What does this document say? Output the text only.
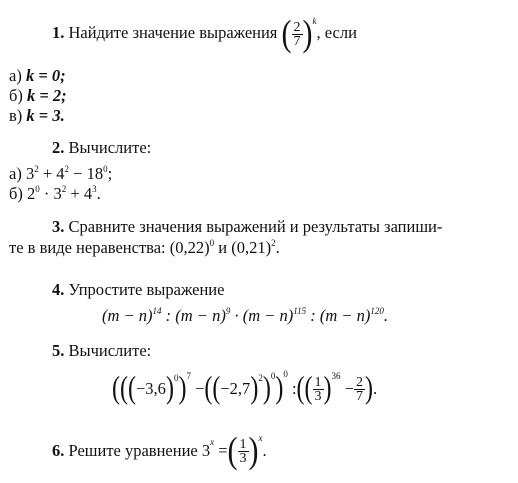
1. Найдите значение выражения ( $\frac{2}{7} )^k$, если
а) k = 0;
б) k = 2;
в) k = 3.
2. Вычислите:
а) $3^2 + 4^2 - 18^0$;
б) $2^0 \cdot 3^2 + 4^3$.
3. Сравните значения выражений и результаты запиши-
те в виде неравенства: $(0,22)^0$ и $(0,21)^2$.
4. Упростите выражение
$(m - n)^{14}$ : $(m - n)^9 \cdot (m - n)^{115}$ : $(m - n)^{120}$.
5. Вычислите:
$(((-3,6)^0)^7 -((-2,7)^2)^0)^0$ :(( $\frac{1}{3} )^{36} - \frac{2}{7}$ ).
6. Решите уравнение $3^x$ =( $\frac{1}{3} )^x$.
